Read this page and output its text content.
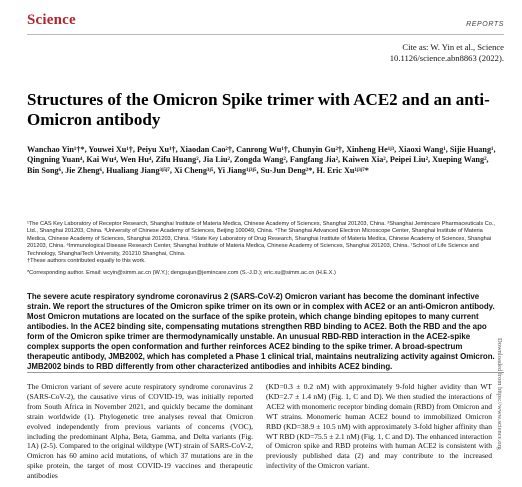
Science	REPORTS
Cite as: W. Yin et al., Science
10.1126/science.abn8863 (2022).
Structures of the Omicron Spike trimer with ACE2 and an anti-Omicron antibody

Wanchao Yin¹†*, Youwei Xu¹†, Peiyu Xu¹†, Xiaodan Cao²†, Canrong Wu¹†, Chunyin Gu²†, Xinheng He¹ʲ³, Xiaoxi Wang¹, Sijie Huang¹, Qingning Yuan⁴, Kai Wu⁴, Wen Hu⁴, Zifu Huang², Jia Liu², Zongda Wang², Fangfang Jia², Kaiwen Xia², Peipei Liu², Xueping Wang², Bin Song⁶, Jie Zheng⁶, Hualiang Jiang³ʲ⁵ʲ⁷, Xi Cheng³ʲ⁵, Yi Jiang¹ʲ³ʲ⁵, Su-Jun Deng²*, H. Eric Xu¹ʲ³ʲ⁷*

¹The CAS Key Laboratory of Receptor Research, Shanghai Institute of Materia Medica, Chinese Academy of Sciences, Shanghai 201203, China. ²Shanghai Jemincare Pharmaceuticals Co., Ltd., Shanghai 201203, China. ³University of Chinese Academy of Sciences, Beijing 100049, China. ⁴The Shanghai Advanced Electron Microscope Center, Shanghai Institute of Materia Medica, Chinese Academy of Sciences, Shanghai 201203, China. ⁵State Key Laboratory of Drug Research, Shanghai Institute of Materia Medica, Chinese Academy of Sciences, Shanghai 201203, China. ⁶Immunological Disease Research Center, Shanghai Institute of Materia Medica, Chinese Academy of Sciences, Shanghai 201203, China. ⁷School of Life Science and Technology, ShanghaiTech University, 201210 Shanghai, China.

†These authors contributed equally to this work.

*Corresponding author. Email: wcyin@simm.ac.cn (W.Y.); dengsujun@jemincare.com (S.-J.D.); eric.xu@simm.ac.cn (H.E.X.)

The severe acute respiratory syndrome coronavirus 2 (SARS-CoV-2) Omicron variant has become the dominant infective strain. We report the structures of the Omicron spike trimer on its own or in complex with ACE2 or an anti-Omicron antibody. Most Omicron mutations are located on the surface of the spike protein, which change binding epitopes to many current antibodies. In the ACE2 binding site, compensating mutations strengthen RBD binding to ACE2. Both the RBD and the apo form of the Omicron spike trimer are thermodynamically unstable. An unusual RBD-RBD interaction in the ACE2-spike complex supports the open conformation and further reinforces ACE2 binding to the spike trimer. A broad-spectrum therapeutic antibody, JMB2002, which has completed a Phase 1 clinical trial, maintains neutralizing activity against Omicron. JMB2002 binds to RBD differently from other characterized antibodies and inhibits ACE2 binding.

The Omicron variant of severe acute respiratory syndrome coronavirus 2 (SARS-CoV-2), the causative virus of COVID-19, was initially reported from South Africa in November 2021, and quickly became the dominant strain worldwide (1). Phylogenetic tree analyses reveal that Omicron evolved independently from previous variants of concerns (VOC), including the predominant Alpha, Beta, Gamma, and Delta variants (Fig. 1A) (2-5). Compared to the original wildtype (WT) strain of SARS-CoV-2, Omicron has 60 amino acid mutations, of which 37 mutations are in the spike protein, the target of most COVID-19 vaccines and therapeutic antibodies

(KD=0.3 ± 0.2 nM) with approximately 9-fold higher avidity than WT (KD=2.7 ± 1.4 nM) (Fig. 1, C and D). We then studied the interactions of ACE2 with monomeric receptor binding domain (RBD) from Omicron and WT strains. Monomeric human ACE2 bound to immobilized Omicron RBD (KD=38.9 ± 10.5 nM) with approximately 3-fold higher affinity than WT RBD (KD=75.5 ± 2.1 nM) (Fig. 1, C and D). The enhanced interaction of Omicron spike and RBD proteins with human ACE2 is consistent with previously published data (2) and may contribute to the increased infectivity of the Omicron variant.

Downloaded from https://www.science.org
